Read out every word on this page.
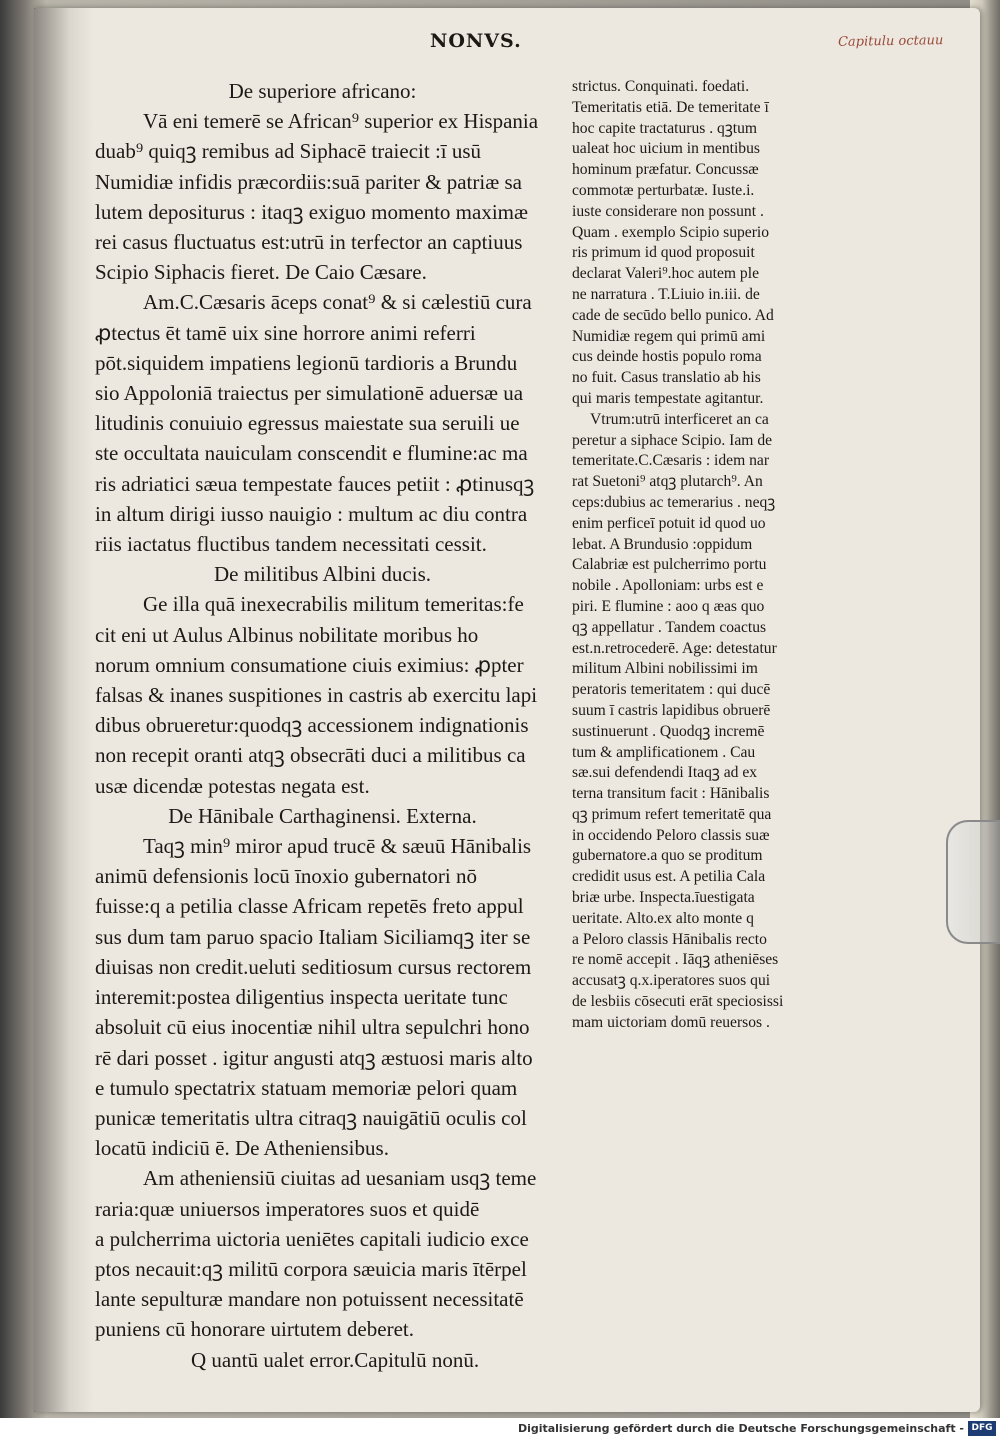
NONVS.	Capitulu octauu
De superiore africano:
Vā eni temerē se African⁹ superior ex Hispania
duab⁹ quiqꝫ remibus ad Siphacē traiecit :ī usū
Numidiæ infidis præcordiis:suā pariter & patriæ sa
lutem depositurus : itaqꝫ exiguo momento maximæ
rei casus fluctuatus est:utrū in terfector an captiuus
Scipio Siphacis fieret. De Caio Cæsare.
Am.C.Cæsaris āceps conat⁹ & si cælestiū cura
ꝓtectus ēt tamē uix sine horrore animi referri
pōt.siquidem impatiens legionū tardioris a Brundu
sio Appoloniā traiectus per simulationē aduersæ ua
litudinis conuiuio egressus maiestate sua seruili ue
ste occultata nauiculam conscendit e flumine:ac ma
ris adriatici sæua tempestate fauces petiit : ꝓtinusqꝫ
in altum dirigi iusso nauigio : multum ac diu contra
riis iactatus fluctibus tandem necessitati cessit.
De militibus Albini ducis.
Ge illa quā inexecrabilis militum temeritas:fe
cit eni ut Aulus Albinus nobilitate moribus ho
norum omnium consumatione ciuis eximius: ꝓpter
falsas & inanes suspitiones in castris ab exercitu lapi
dibus obrueretur:quodqꝫ accessionem indignationis
non recepit oranti atqꝫ obsecrāti duci a militibus ca
usæ dicendæ potestas negata est.
De Hānibale Carthaginensi. Externa.
Taqꝫ min⁹ miror apud trucē & sæuū Hānibalis
animū defensionis locū īnoxio gubernatori nō
fuisse:q a petilia classe Africam repetēs freto appul
sus dum tam paruo spacio Italiam Siciliamqꝫ iter se
diuisas non credit.ueluti seditiosum cursus rectorem
interemit:postea diligentius inspecta ueritate tunc
absoluit cū eius inocentiæ nihil ultra sepulchri hono
rē dari posset . igitur angusti atqꝫ æstuosi maris alto
e tumulo spectatrix statuam memoriæ pelori quam
punicæ temeritatis ultra citraqꝫ nauigātiū oculis col
locatū indiciū ē. De Atheniensibus.
Am atheniensiū ciuitas ad uesaniam usqꝫ teme
raria:quæ uniuersos imperatores suos et quidē
a pulcherrima uictoria ueniētes capitali iudicio exce
ptos necauit:qꝫ militū corpora sæuicia maris ītērpel
lante sepulturæ mandare non potuissent necessitatē
puniens cū honorare uirtutem deberet.
Q uantū ualet error.Capitulū nonū.
strictus. Conquinati. foedati.
Temeritatis etiā. De temeritate ī
hoc capite tractaturus . qꝫtum
ualeat hoc uicium in mentibus
hominum præfatur. Concussæ
commotæ perturbatæ. Iuste.i.
iuste considerare non possunt .
Quam . exemplo Scipio superio
ris primum id quod proposuit
declarat Valeri⁹.hoc autem ple
ne narratura . T.Liuio in.iii. de
cade de secūdo bello punico. Ad
Numidiæ regem qui primū ami
cus deinde hostis populo roma
no fuit. Casus translatio ab his
qui maris tempestate agitantur.
Vtrum:utrū interficeret an ca
peretur a siphace Scipio. Iam de
temeritate.C.Cæsaris : idem nar
rat Suetoni⁹ atqꝫ plutarch⁹. An
ceps:dubius ac temerarius . neqꝫ
enim perficeī potuit id quod uo
lebat. A Brundusio :oppidum
Calabriæ est pulcherrimo portu
nobile . Apolloniam: urbs est e
piri. E flumine : aoo q æas quo
qꝫ appellatur . Tandem coactus
est.n.retrocederē. Age: detestatur
militum Albini nobilissimi im
peratoris temeritatem : qui ducē
suum ī castris lapidibus obruerē
sustinuerunt . Quodqꝫ incremē
tum & amplificationem . Cau
sæ.sui defendendi Itaqꝫ ad ex
terna transitum facit : Hānibalis
qꝫ primum refert temeritatē qua
in occidendo Peloro classis suæ
gubernatore.a quo se proditum
credidit usus est. A petilia Cala
briæ urbe. Inspecta.īuestigata
ueritate. Alto.ex alto monte q
a Peloro classis Hānibalis recto
re nomē accepit . Iāqꝫ atheniēses
accusatꝫ q.x.iperatores suos qui
de lesbiis cōsecuti erāt speciosissi
mam uictoriam domū reuersos .
Digitalisierung gefördert durch die Deutsche Forschungsgemeinschaft - DFG
